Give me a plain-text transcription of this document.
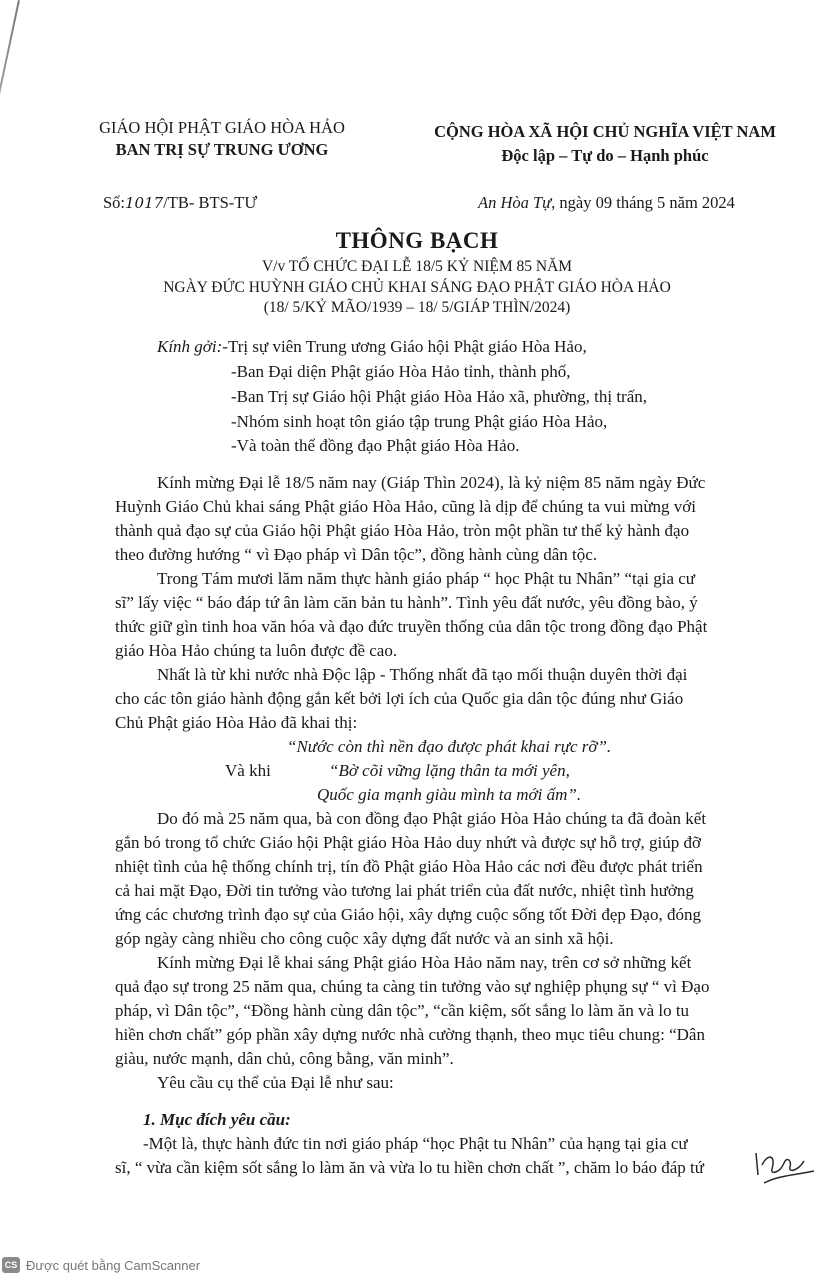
GIÁO HỘI PHẬT GIÁO HÒA HẢO
BAN TRỊ SỰ TRUNG ƯƠNG
CỘNG HÒA XÃ HỘI CHỦ NGHĨA VIỆT NAM
Độc lập – Tự do – Hạnh phúc
Số:1017/TB- BTS-TƯ	An Hòa Tự, ngày 09 tháng 5 năm 2024
THÔNG BẠCH
V/v TỔ CHỨC ĐẠI LỄ 18/5 KỶ NIỆM 85 NĂM
NGÀY ĐỨC HUỲNH GIÁO CHỦ KHAI SÁNG ĐẠO PHẬT GIÁO HÒA HẢO
(18/ 5/KỶ MÃO/1939 – 18/ 5/GIÁP THÌN/2024)
Kính gởi:-Trị sự viên Trung ương Giáo hội Phật giáo Hòa Hảo,
-Ban Đại diện Phật giáo Hòa Hảo tỉnh, thành phố,
-Ban Trị sự Giáo hội Phật giáo Hòa Hảo xã, phường, thị trấn,
-Nhóm sinh hoạt tôn giáo tập trung Phật giáo Hòa Hảo,
-Và toàn thể đồng đạo Phật giáo Hòa Hảo.
Kính mừng Đại lễ 18/5 năm nay (Giáp Thìn 2024), là kỷ niệm 85 năm ngày Đức
Huỳnh Giáo Chủ khai sáng Phật giáo Hòa Hảo, cũng là dịp để chúng ta vui mừng với
thành quả đạo sự của Giáo hội Phật giáo Hòa Hảo, tròn một phần tư thế kỷ hành đạo
theo đường hướng “ vì Đạo pháp vì Dân tộc”, đồng hành cùng dân tộc.
Trong Tám mươi lăm năm thực hành giáo pháp “ học Phật tu Nhân” “tại gia cư
sĩ” lấy việc “ báo đáp tứ ân làm căn bản tu hành”. Tình yêu đất nước, yêu đồng bào, ý
thức giữ gìn tinh hoa văn hóa và đạo đức truyền thống của dân tộc trong đồng đạo Phật
giáo Hòa Hảo chúng ta luôn được đề cao.
Nhất là từ khi nước nhà Độc lập - Thống nhất đã tạo mối thuận duyên thời đại
cho các tôn giáo hành động gắn kết bởi lợi ích của Quốc gia dân tộc đúng như Giáo
Chủ Phật giáo Hòa Hảo đã khai thị:
“Nước còn thì nền đạo được phát khai rực rỡ”.
Và khi	“Bờ cõi vững lặng thân ta mới yên,
Quốc gia mạnh giàu mình ta mới ấm”.
Do đó mà 25 năm qua, bà con đồng đạo Phật giáo Hòa Hảo chúng ta đã đoàn kết
gắn bó trong tổ chức Giáo hội Phật giáo Hòa Hảo duy nhứt và được sự hỗ trợ, giúp đỡ
nhiệt tình của hệ thống chính trị, tín đồ Phật giáo Hòa Hảo các nơi đều được phát triển
cả hai mặt Đạo, Đời tin tưởng vào tương lai phát triển của đất nước, nhiệt tình hưởng
ứng các chương trình đạo sự của Giáo hội, xây dựng cuộc sống tốt Đời đẹp Đạo, đóng
góp ngày càng nhiều cho công cuộc xây dựng đất nước và an sinh xã hội.
Kính mừng Đại lễ khai sáng Phật giáo Hòa Hảo năm nay, trên cơ sở những kết
quả đạo sự trong 25 năm qua, chúng ta càng tin tưởng vào sự nghiệp phụng sự “ vì Đạo
pháp, vì Dân tộc”, “Đồng hành cùng dân tộc”, “cần kiệm, sốt sắng lo làm ăn và lo tu
hiền chơn chất” góp phần xây dựng nước nhà cường thạnh, theo mục tiêu chung: “Dân
giàu, nước mạnh, dân chủ, công bằng, văn minh”.
Yêu cầu cụ thể của Đại lễ như sau:
1. Mục đích yêu cầu:
-Một là, thực hành đức tin nơi giáo pháp “học Phật tu Nhân” của hạng tại gia cư
sĩ, “ vừa cần kiệm sốt sắng lo làm ăn và vừa lo tu hiền chơn chất ”, chăm lo báo đáp tứ
CS Được quét bằng CamScanner
